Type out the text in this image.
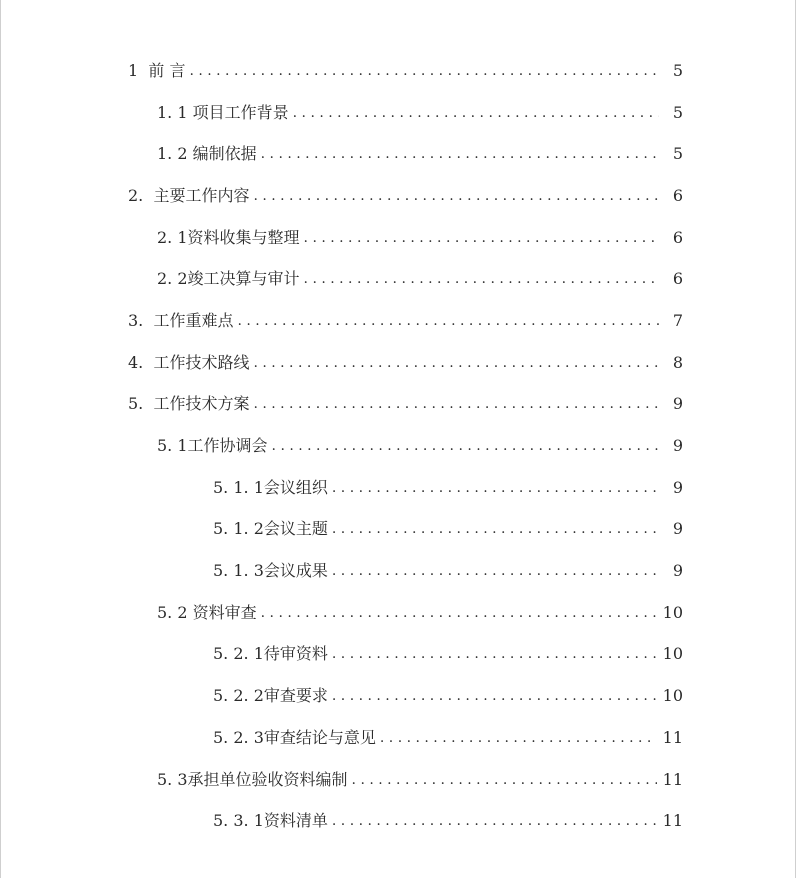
1 前 言 . . .	5
1. 1 项目工作背景 . . .	5
1. 2 编制依据 . . .	5
2. 主要工作内容 . . .	6
2. 1 资料收集与整理 . . .	6
2. 2 竣工决算与审计 . . .	6
3. 工作重难点 . . .	7
4. 工作技术路线 . . .	8
5. 工作技术方案 . . .	9
5. 1 工作协调会 . . .	9
5. 1. 1 会议组织 . . .	9
5. 1. 2 会议主题 . . .	9
5. 1. 3 会议成果 . . .	9
5. 2 资料审查 . . .	10
5. 2. 1 待审资料 . . .	10
5. 2. 2 审查要求 . . .	10
5. 2. 3 审查结论与意见 . . .	11
5. 3 承担单位验收资料编制 . . .	11
5. 3. 1 资料清单 . . .	11
